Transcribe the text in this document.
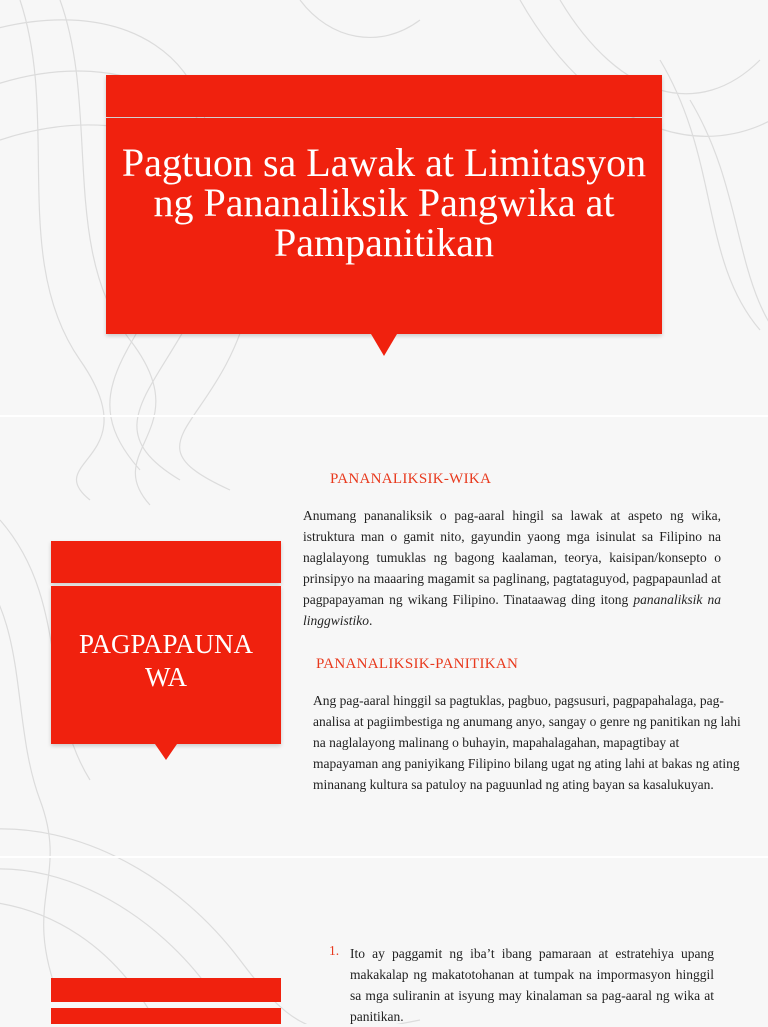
Pagtuon sa Lawak at Limitasyon ng Pananaliksik Pangwika at Pampanitikan
PAGPAPAUNA
WA
PANANALIKSIK-WIKA

Anumang pananaliksik o pag-aaral hingil sa lawak at aspeto ng wika, istruktura man o gamit nito, gayundin yaong mga isinulat sa Filipino na naglalayong tumuklas ng bagong kaalaman, teorya, kaisipan/konsepto o prinsipyo na maaaring magamit sa paglinang, pagtataguyod, pagpapaunlad at pagpapayaman ng wikang Filipino. Tinataawag ding itong pananaliksik na linggwistiko.

PANANALIKSIK-PANITIKAN

Ang pag-aaral hinggil sa pagtuklas, pagbuo, pagsusuri, pagpapahalaga, pag-analisa at pagiimbestiga ng anumang anyo, sangay o genre ng panitikan ng lahi na naglalayong malinang o buhayin, mapahalagahan, mapagtibay at mapayaman ang paniyikang Filipino bilang ugat ng ating lahi at bakas ng ating minanang kultura sa patuloy na paguunlad ng ating bayan sa kasalukuyan.

1. Ito ay paggamit ng iba’t ibang pamaraan at estratehiya upang makakalap ng makatotohanan at tumpak na impormasyon hinggil sa mga suliranin at isyung may kinalaman sa pag-aaral ng wika at panitikan.
